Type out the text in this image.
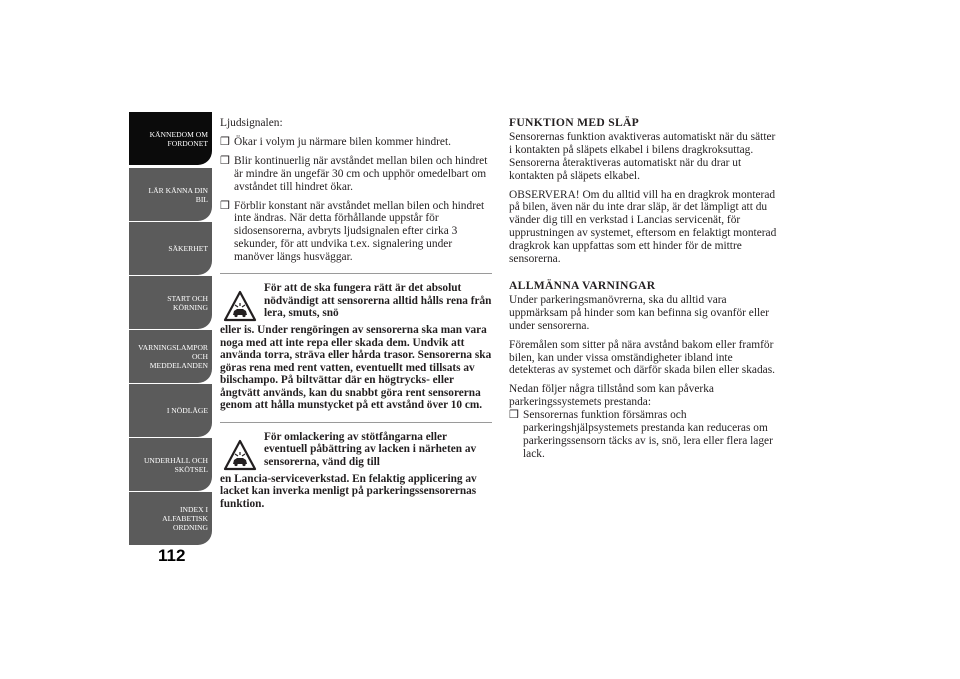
KÄNNEDOM OM
FORDONET
LÄR KÄNNA DIN
BIL
SÄKERHET
START OCH
KÖRNING
VARNINGSLAMPOR
OCH
MEDDELANDEN
I NÖDLÄGE
UNDERHÅLL OCH
SKÖTSEL
INDEX I
ALFABETISK
ORDNING
112

Ljudsignalen:

❒ Ökar i volym ju närmare bilen kommer hindret.
❒ Blir kontinuerlig när avståndet mellan bilen och hindret är mindre än ungefär 30 cm och upphör omedelbart om avståndet till hindret ökar.
❒ Förblir konstant när avståndet mellan bilen och hindret inte ändras. När detta förhållande uppstår för sidosensorerna, avbryts ljudsignalen efter cirka 3 sekunder, för att undvika t.ex. signalering under manöver längs husväggar.
För att de ska fungera rätt är det absolut nödvändigt att sensorerna alltid hålls rena från lera, smuts, snö

eller is. Under rengöringen av sensorerna ska man vara noga med att inte repa eller skada dem. Undvik att använda torra, sträva eller hårda trasor. Sensorerna ska göras rena med rent vatten, eventuellt med tillsats av bilschampo. På biltvättar där en högtrycks- eller ångtvätt används, kan du snabbt göra rent sensorerna genom att hålla munstycket på ett avstånd över 10 cm.

För omlackering av stötfångarna eller eventuell påbättring av lacken i närheten av sensorerna, vänd dig till

en Lancia-serviceverkstad. En felaktig applicering av lacket kan inverka menligt på parkeringssensorernas funktion.

FUNKTION MED SLÄP

Sensorernas funktion avaktiveras automatiskt när du sätter i kontakten på släpets elkabel i bilens dragkroksuttag. Sensorerna återaktiveras automatiskt när du drar ut kontakten på släpets elkabel.

OBSERVERA! Om du alltid vill ha en dragkrok monterad på bilen, även när du inte drar släp, är det lämpligt att du vänder dig till en verkstad i Lancias servicenät, för upprustningen av systemet, eftersom en felaktigt monterad dragkrok kan uppfattas som ett hinder för de mittre sensorerna.

ALLMÄNNA VARNINGAR

Under parkeringsmanövrerna, ska du alltid vara uppmärksam på hinder som kan befinna sig ovanför eller under sensorerna.

Föremålen som sitter på nära avstånd bakom eller framför bilen, kan under vissa omständigheter ibland inte detekteras av systemet och därför skada bilen eller skadas.

Nedan följer några tillstånd som kan påverka parkeringssystemets prestanda:

❒ Sensorernas funktion försämras och parkeringshjälpsystemets prestanda kan reduceras om parkeringssensorn täcks av is, snö, lera eller flera lager lack.
